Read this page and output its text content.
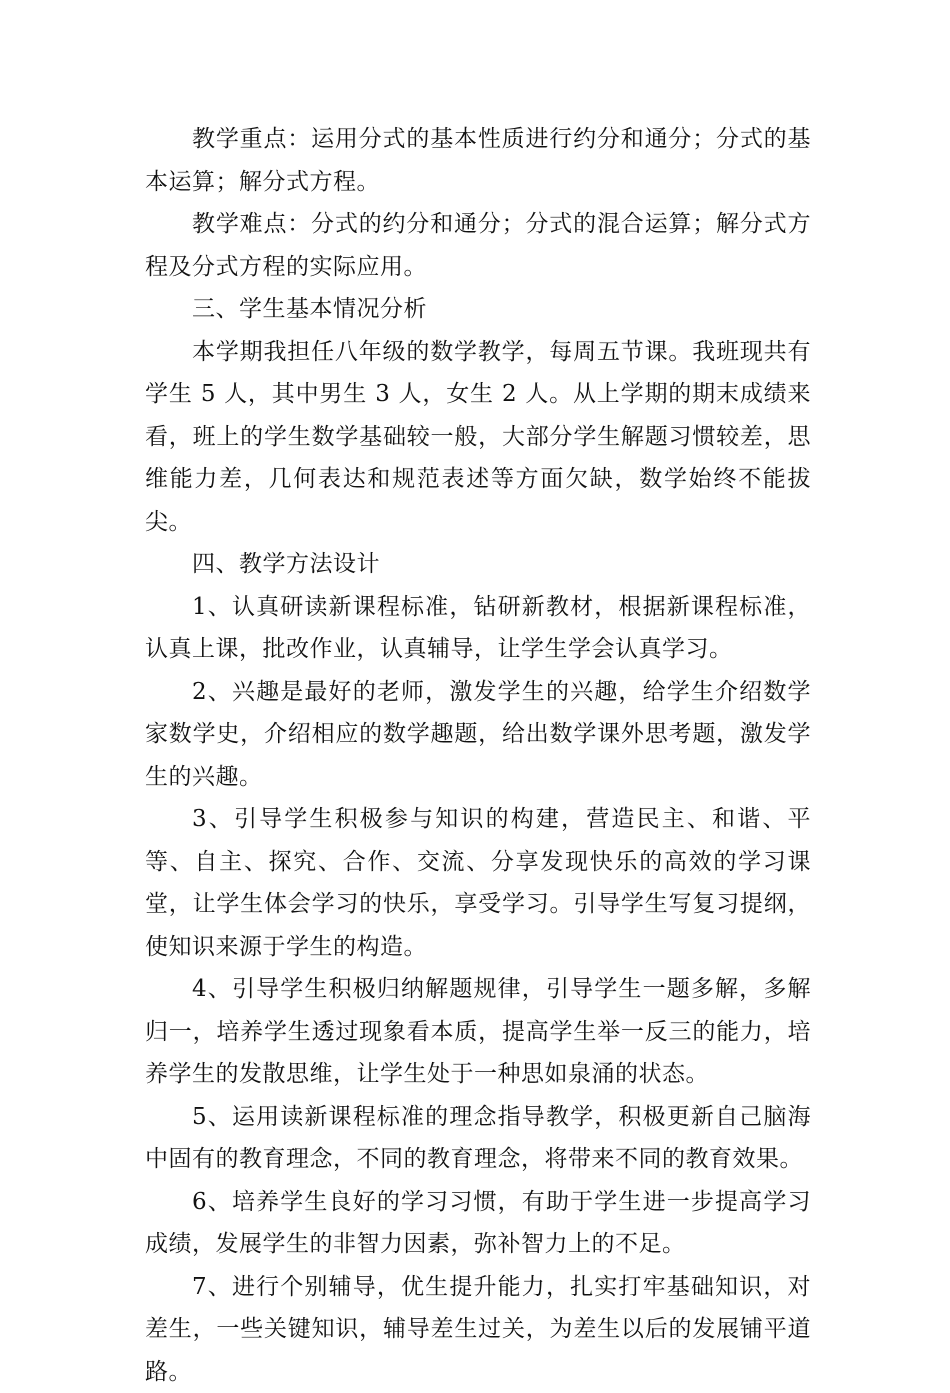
教学重点：运用分式的基本性质进行约分和通分；分式的基本运算；解分式方程。

教学难点：分式的约分和通分；分式的混合运算；解分式方程及分式方程的实际应用。

三、学生基本情况分析

本学期我担任八年级的数学教学，每周五节课。我班现共有学生 5 人，其中男生 3 人，女生 2 人。从上学期的期末成绩来看，班上的学生数学基础较一般，大部分学生解题习惯较差，思维能力差，几何表达和规范表述等方面欠缺，数学始终不能拔尖。

四、教学方法设计

1、认真研读新课程标准，钻研新教材，根据新课程标准，认真上课，批改作业，认真辅导，让学生学会认真学习。

2、兴趣是最好的老师，激发学生的兴趣，给学生介绍数学家数学史，介绍相应的数学趣题，给出数学课外思考题，激发学生的兴趣。

3、引导学生积极参与知识的构建，营造民主、和谐、平等、自主、探究、合作、交流、分享发现快乐的高效的学习课堂，让学生体会学习的快乐，享受学习。引导学生写复习提纲，使知识来源于学生的构造。

4、引导学生积极归纳解题规律，引导学生一题多解，多解归一，培养学生透过现象看本质，提高学生举一反三的能力，培养学生的发散思维，让学生处于一种思如泉涌的状态。

5、运用读新课程标准的理念指导教学，积极更新自己脑海中固有的教育理念，不同的教育理念，将带来不同的教育效果。

6、培养学生良好的学习习惯，有助于学生进一步提高学习成绩，发展学生的非智力因素，弥补智力上的不足。

7、进行个别辅导，优生提升能力，扎实打牢基础知识，对差生，一些关键知识，辅导差生过关，为差生以后的发展铺平道路。
